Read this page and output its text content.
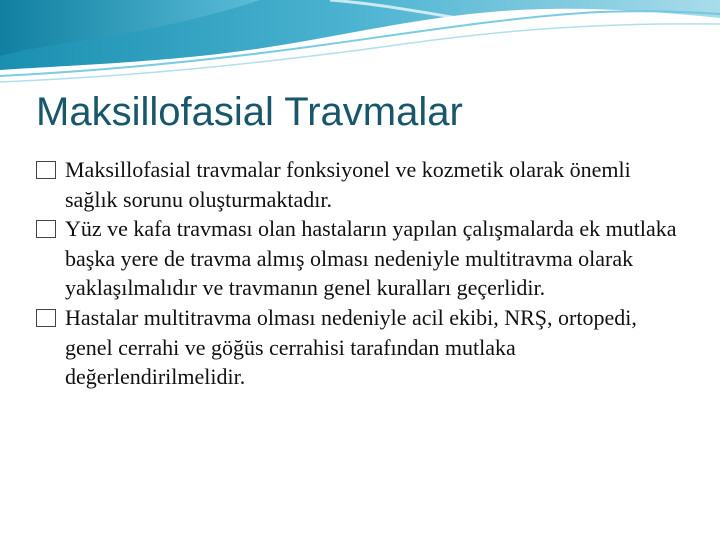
Maksillofasial Travmalar
Maksillofasial travmalar fonksiyonel ve kozmetik olarak önemli sağlık sorunu oluşturmaktadır.
Yüz ve kafa travması olan hastaların yapılan çalışmalarda ek mutlaka başka yere de travma almış olması nedeniyle multitravma olarak yaklaşılmalıdır ve travmanın genel kuralları geçerlidir.
Hastalar multitravma olması nedeniyle acil ekibi, NRŞ, ortopedi, genel cerrahi ve göğüs cerrahisi tarafından mutlaka değerlendirilmelidir.
